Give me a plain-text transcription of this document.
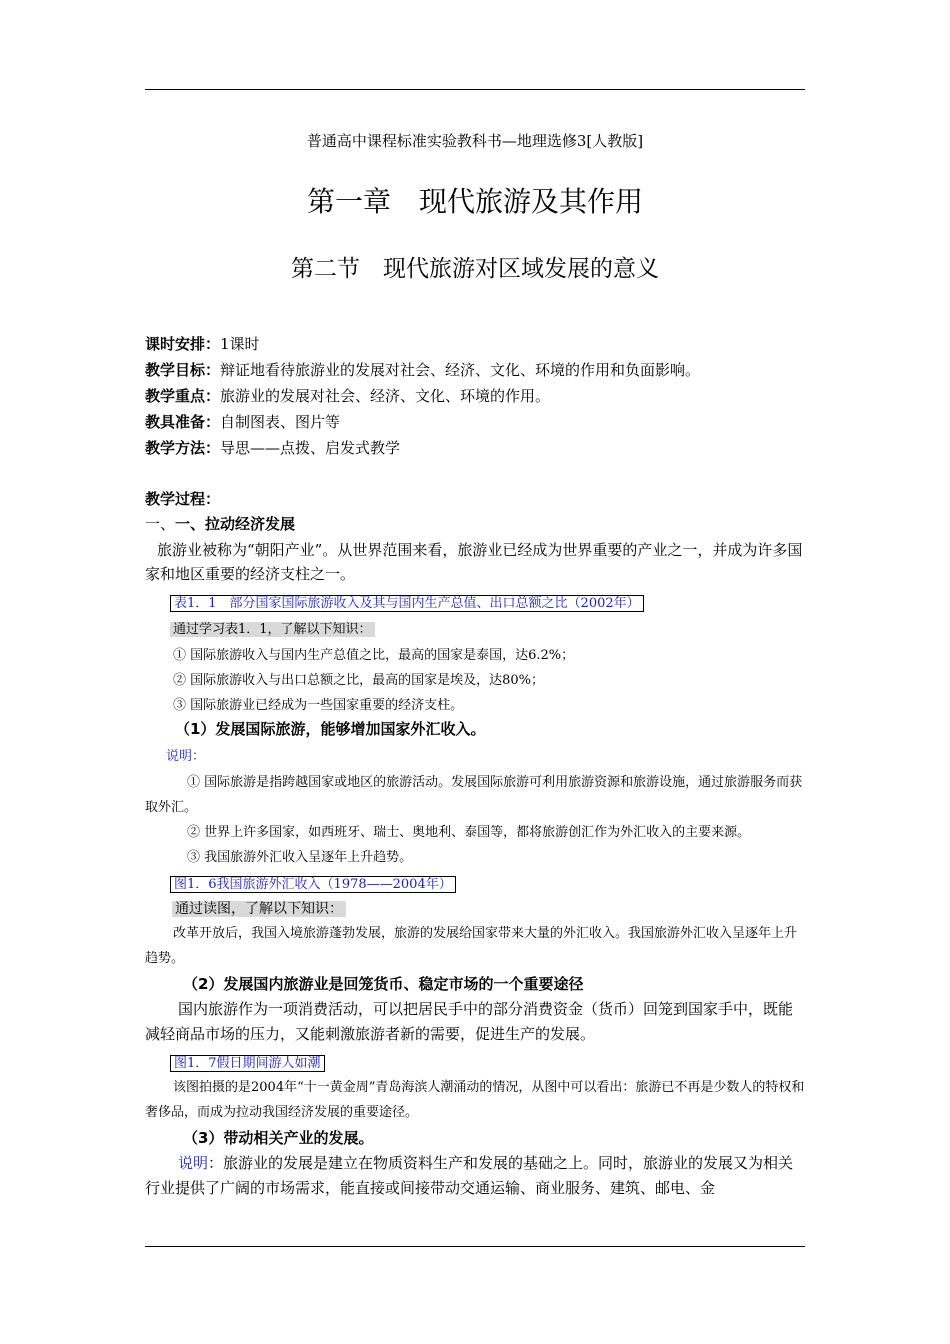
普通高中课程标准实验教科书—地理选修3[人教版]
第一章　现代旅游及其作用
第二节　现代旅游对区域发展的意义
课时安排：1课时
教学目标：辩证地看待旅游业的发展对社会、经济、文化、环境的作用和负面影响。
教学重点：旅游业的发展对社会、经济、文化、环境的作用。
教具准备：自制图表、图片等
教学方法：导思——点拨、启发式教学
教学过程：
一、一、拉动经济发展
旅游业被称为“朝阳产业”。从世界范围来看，旅游业已经成为世界重要的产业之一，并成为许多国家和地区重要的经济支柱之一。
表1．1　部分国家国际旅游收入及其与国内生产总值、出口总额之比（2002年）
通过学习表1．1，了解以下知识：
① 国际旅游收入与国内生产总值之比，最高的国家是泰国，达6.2%；
② 国际旅游收入与出口总额之比，最高的国家是埃及，达80%；
③ 国际旅游业已经成为一些国家重要的经济支柱。
（1）发展国际旅游，能够增加国家外汇收入。
说明：
① 国际旅游是指跨越国家或地区的旅游活动。发展国际旅游可利用旅游资源和旅游设施，通过旅游服务而获取外汇。
② 世界上许多国家，如西班牙、瑞士、奥地利、泰国等，都将旅游创汇作为外汇收入的主要来源。
③ 我国旅游外汇收入呈逐年上升趋势。
图1．6我国旅游外汇收入（1978——2004年）
通过读图，了解以下知识：
改革开放后，我国入境旅游蓬勃发展，旅游的发展给国家带来大量的外汇收入。我国旅游外汇收入呈逐年上升趋势。
（2）发展国内旅游业是回笼货币、稳定市场的一个重要途径
国内旅游作为一项消费活动，可以把居民手中的部分消费资金（货币）回笼到国家手中，既能减轻商品市场的压力，又能刺激旅游者新的需要，促进生产的发展。
图1．7假日期间游人如潮
该图拍摄的是2004年“十一黄金周”青岛海滨人潮涌动的情况，从图中可以看出：旅游已不再是少数人的特权和奢侈品，而成为拉动我国经济发展的重要途径。
（3）带动相关产业的发展。
说明：旅游业的发展是建立在物质资料生产和发展的基础之上。同时，旅游业的发展又为相关行业提供了广阔的市场需求，能直接或间接带动交通运输、商业服务、建筑、邮电、金
